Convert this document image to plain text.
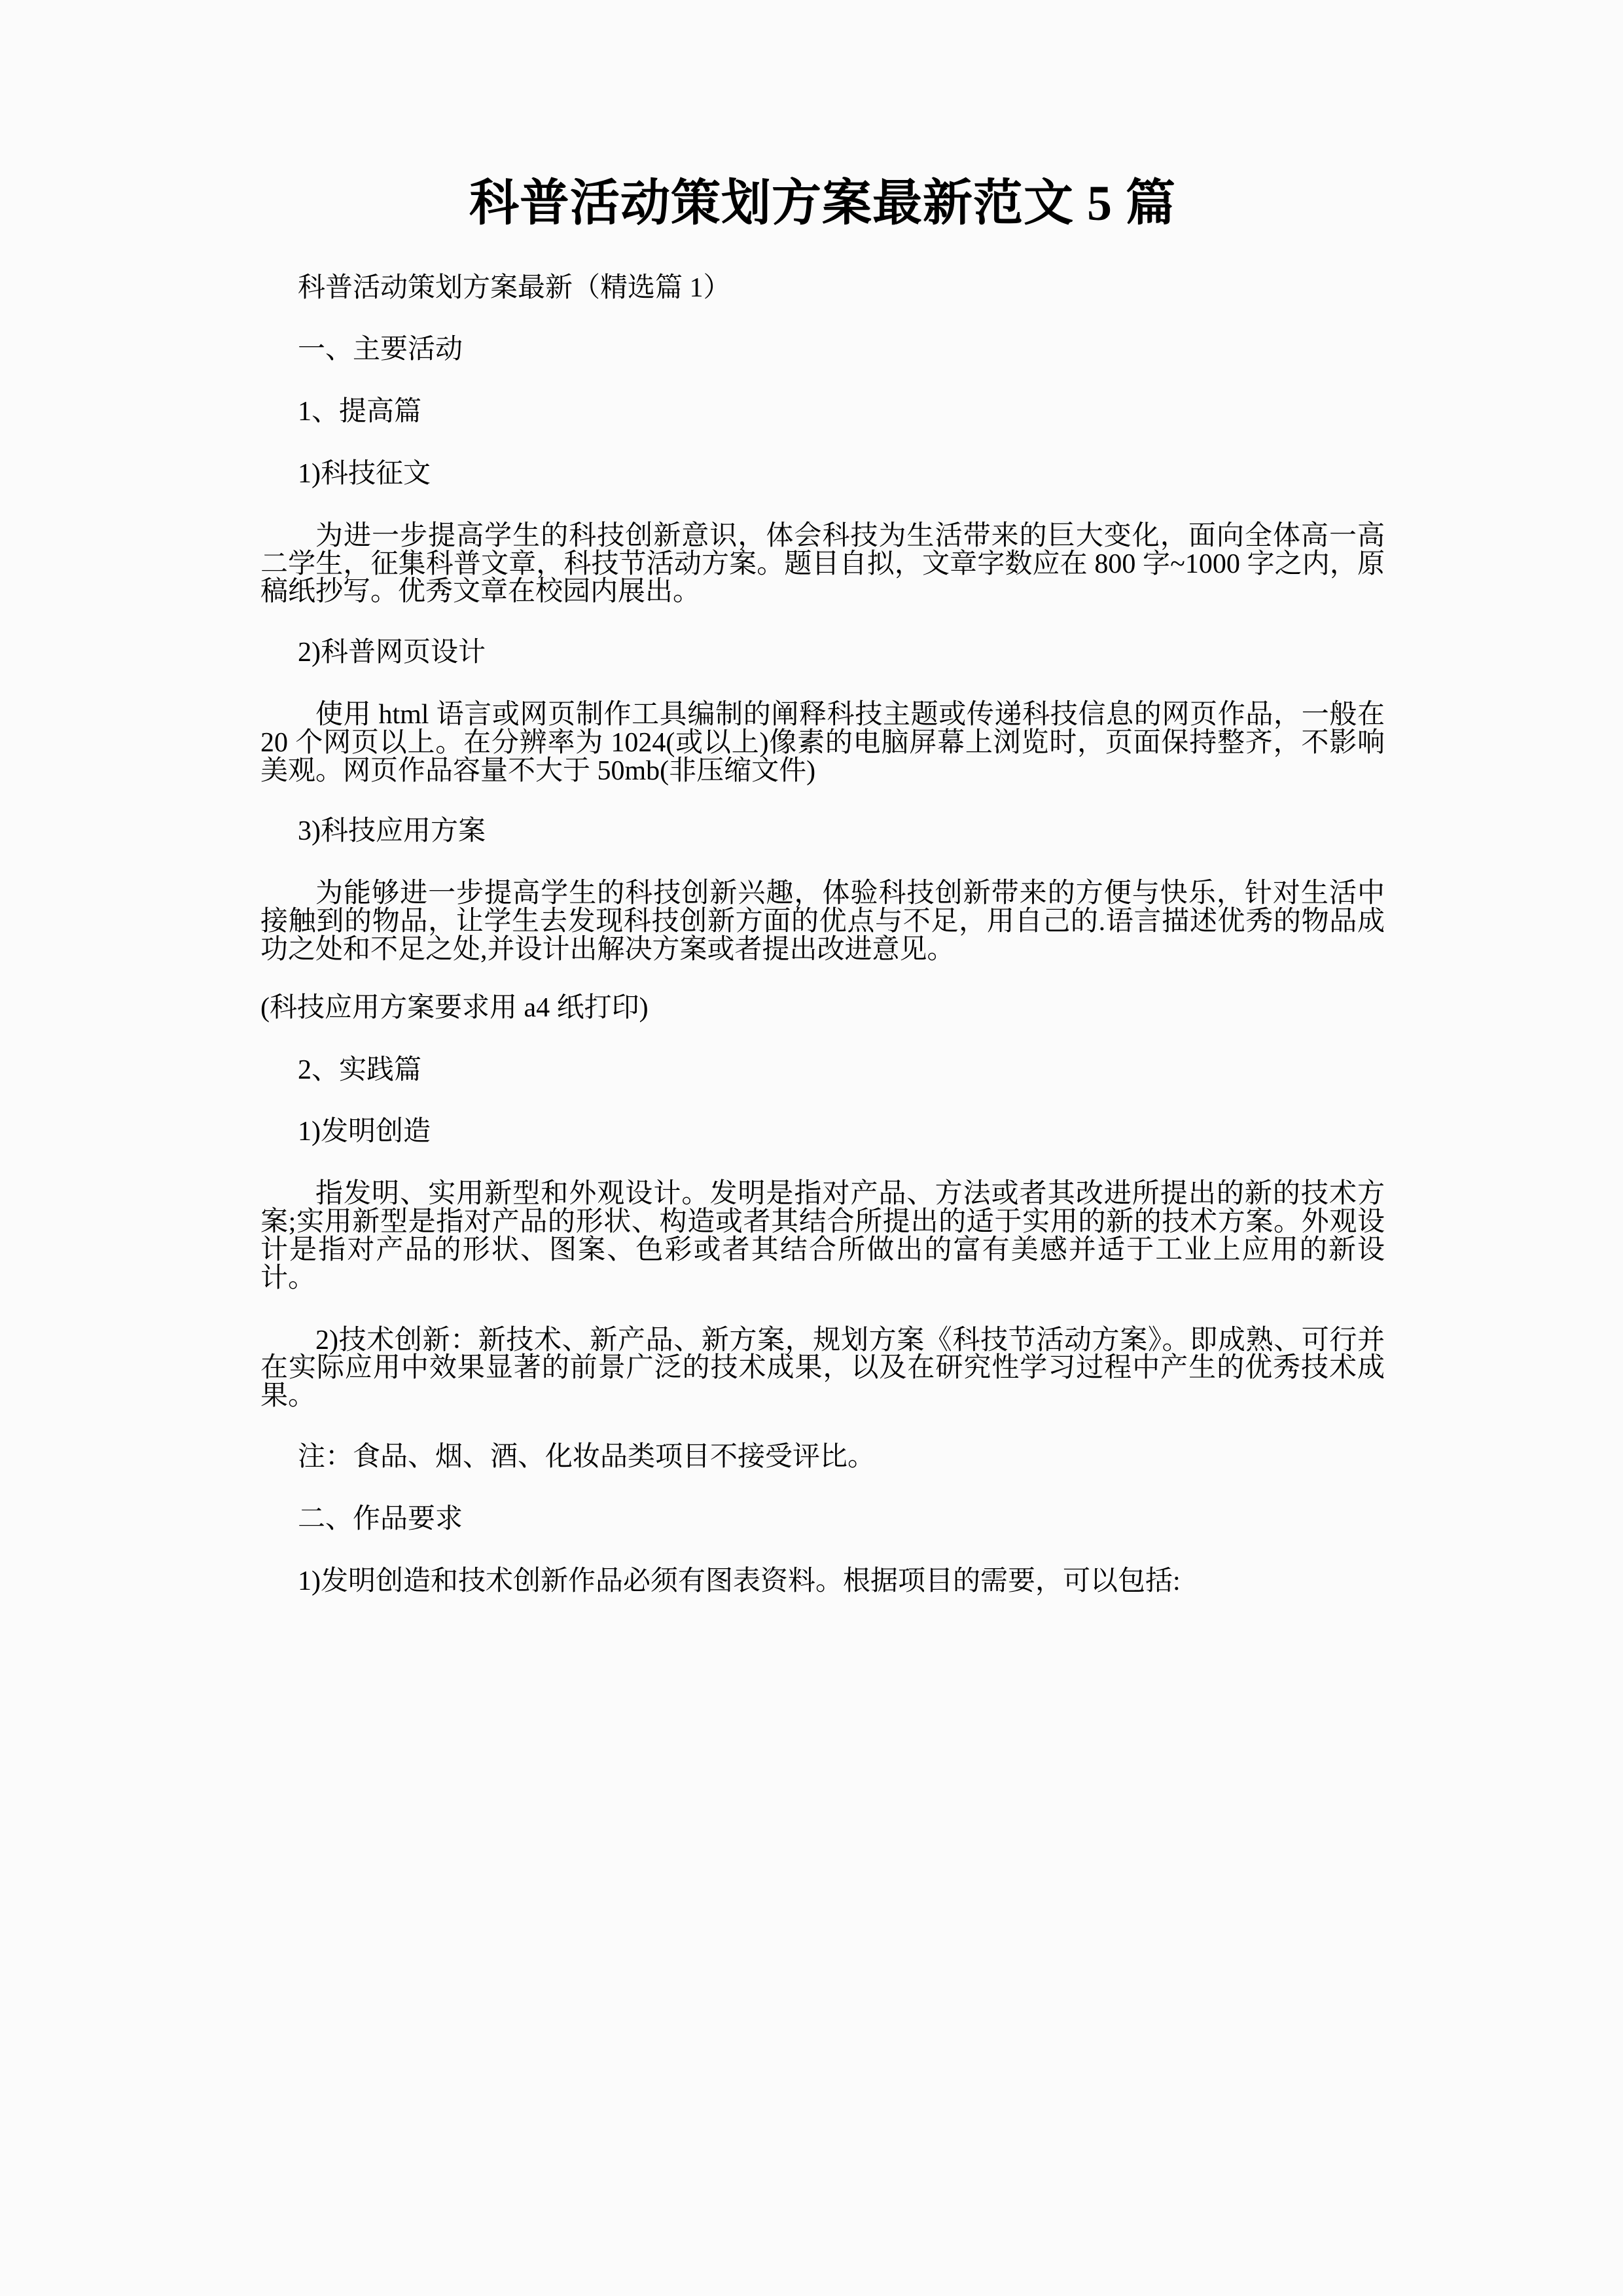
科普活动策划方案最新范文 5 篇

科普活动策划方案最新（精选篇 1）

一、主要活动

1、提高篇

1)科技征文

为进一步提高学生的科技创新意识，体会科技为生活带来的巨大变化，面向全体高一高二学生，征集科普文章，科技节活动方案。题目自拟，文章字数应在 800 字~1000 字之内，原稿纸抄写。优秀文章在校园内展出。

2)科普网页设计

使用 html 语言或网页制作工具编制的阐释科技主题或传递科技信息的网页作品，一般在 20 个网页以上。在分辨率为 1024(或以上)像素的电脑屏幕上浏览时，页面保持整齐，不影响美观。网页作品容量不大于 50mb(非压缩文件)

3)科技应用方案

为能够进一步提高学生的科技创新兴趣，体验科技创新带来的方便与快乐，针对生活中接触到的物品，让学生去发现科技创新方面的优点与不足，用自己的.语言描述优秀的物品成功之处和不足之处,并设计出解决方案或者提出改进意见。

(科技应用方案要求用 a4 纸打印)

2、实践篇

1)发明创造

指发明、实用新型和外观设计。发明是指对产品、方法或者其改进所提出的新的技术方案;实用新型是指对产品的形状、构造或者其结合所提出的适于实用的新的技术方案。外观设计是指对产品的形状、图案、色彩或者其结合所做出的富有美感并适于工业上应用的新设计。

2)技术创新：新技术、新产品、新方案，规划方案《科技节活动方案》。即成熟、可行并在实际应用中效果显著的前景广泛的技术成果，以及在研究性学习过程中产生的优秀技术成果。

注：食品、烟、酒、化妆品类项目不接受评比。

二、作品要求

1)发明创造和技术创新作品必须有图表资料。根据项目的需要，可以包括:
